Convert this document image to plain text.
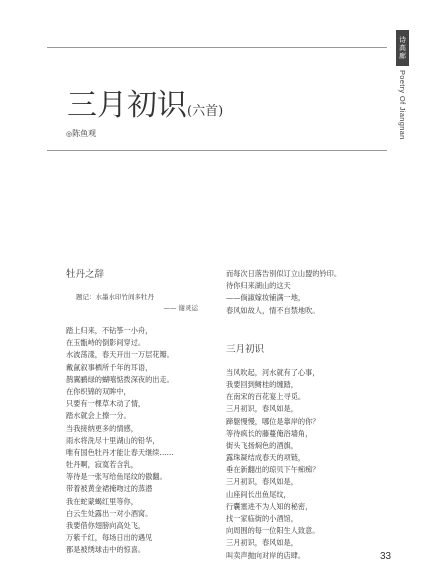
诗高廊
Poetry Of Jiangnan
三月初识(六首)
◎陈鱼观
牡丹之辞
题记：水墨水印竹间多牡丹
—— 谢灵运
踏上归来，不钻筝一小舟，
在玉甑峙的倒影间穿过。
水波荡漾，春天开出一万层花瓣。
戴氤叙事栖所千年的耳语，
鹊翼鹂绿的蝴嘻惦拨深夜的出走。
在你织锦的双眸中，
只要有一棵草木动了情，
踏水就会上擦一分。
当我接纳更多的情感，
雨水将洗尽十里湖山的铅华，
唯有国色牡丹才能让春天继续……
牡丹啊，寂寞若含乳，
等待是一张写给鱼尾纹的傲翻。
带着被黄金裙掩吻过的蒸潜
我在蛇蒙蝎红里等你，
白云生处露出一对小酒窝。
我要借你翅膀向高处飞，
万紫千红，每场日出的遇见
都是被绣球击中的惊喜。
而每次日落告别似订立山盟的钤印。
待你归来湖山的这天
——倘諔嫁妆铺满一地，
春风如故人，情不自禁地吹。
三月初识
当风吹起，河水就有了心事，
我要回到鲥桂的缠踏，
在南宋的百花宴上寻觅。
三月初识，春风如是，
蹄躯慢慢，哪位是靠岸的你？
等待疯长的藤蔓俺浴墙角，
街头飞扬焖色的酒旗，
露珠凝结成春天的项链，
垂在新翻出的琼贝下午痴痴？
三月初识，春风如是，
山座间长出鱼尾纹，
行囊塞进不为人知的秘密，
找一家临街的小酒馆，
向周围的每一位阳生人致意。
三月初识，春风如是，
叫卖声抛向对岸的店肆。	33
